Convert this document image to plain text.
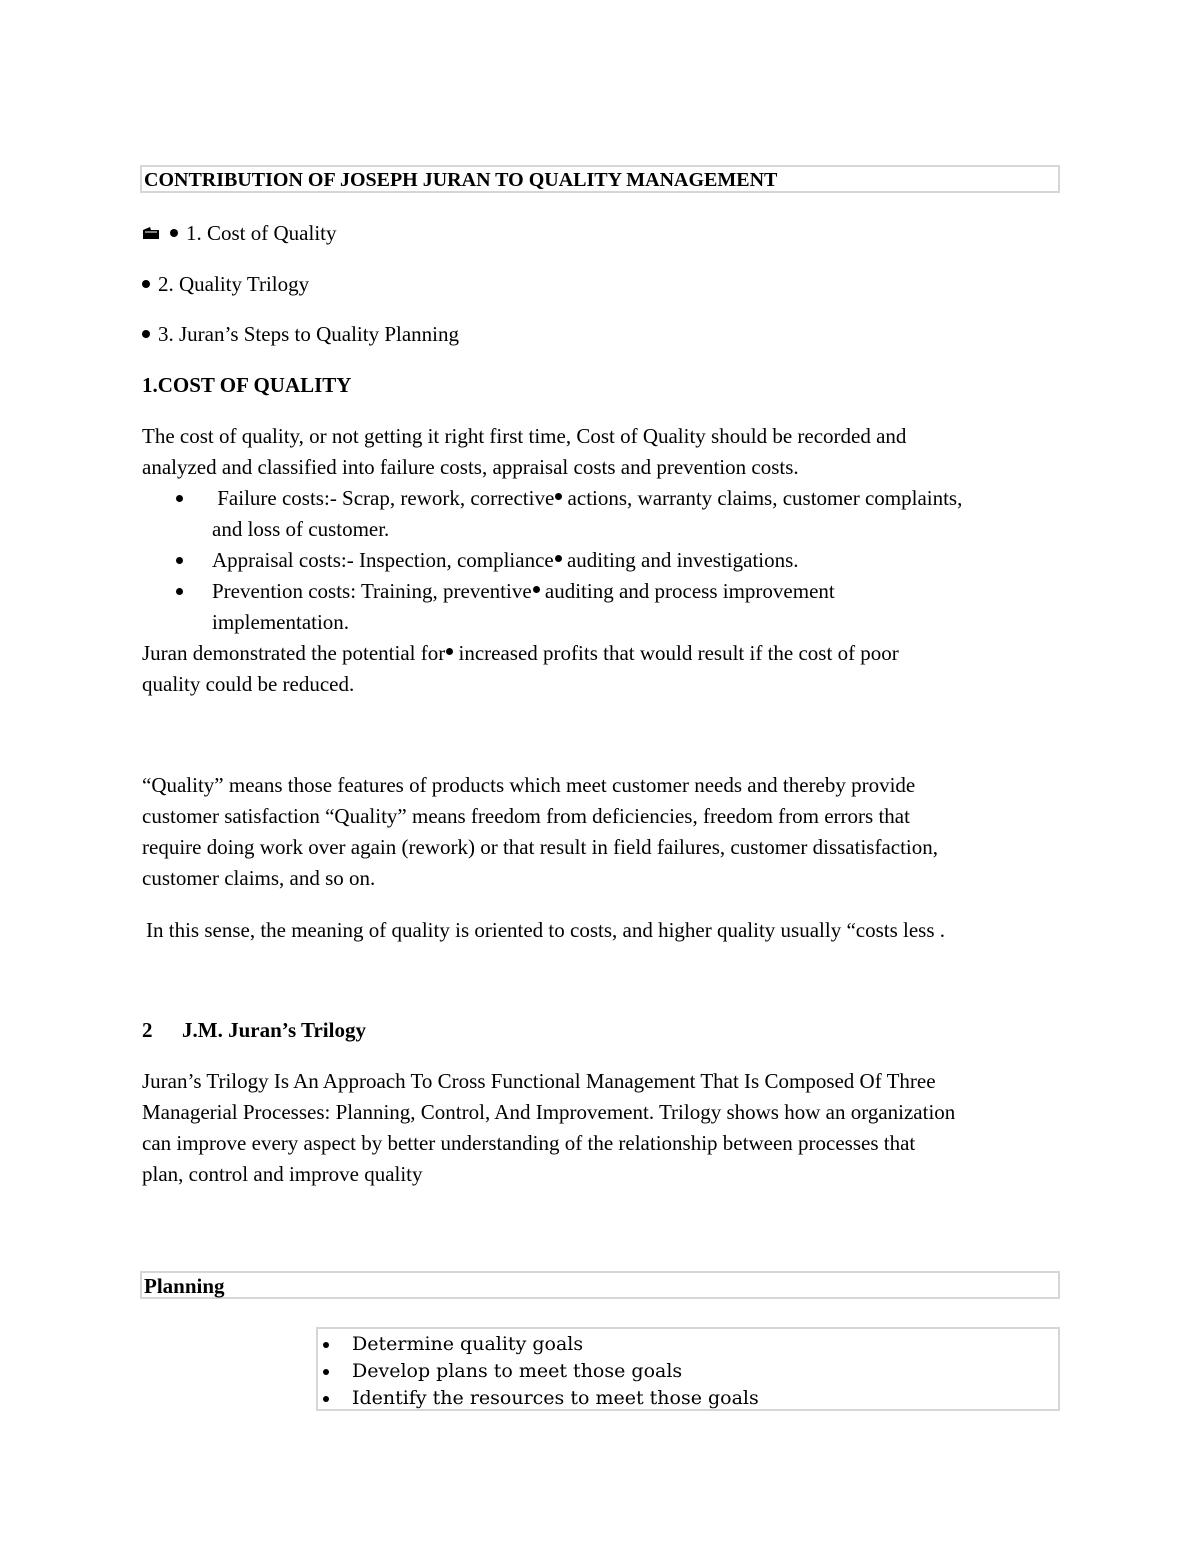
CONTRIBUTION OF JOSEPH JURAN TO QUALITY MANAGEMENT
1. Cost of Quality
2. Quality Trilogy
3. Juran’s Steps to Quality Planning
1.COST OF QUALITY
The cost of quality, or not getting it right first time, Cost of Quality should be recorded and
analyzed and classified into failure costs, appraisal costs and prevention costs.
Failure costs:- Scrap, rework, corrective actions, warranty claims, customer complaints,
and loss of customer.
Appraisal costs:- Inspection, compliance auditing and investigations.
Prevention costs: Training, preventive auditing and process improvement
implementation.
Juran demonstrated the potential for increased profits that would result if the cost of poor
quality could be reduced.
“Quality” means those features of products which meet customer needs and thereby provide
customer satisfaction “Quality” means freedom from deficiencies, freedom from errors that
require doing work over again (rework) or that result in field failures, customer dissatisfaction,
customer claims, and so on.
In this sense, the meaning of quality is oriented to costs, and higher quality usually “costs less .
2 J.M. Juran’s Trilogy
Juran’s Trilogy Is An Approach To Cross Functional Management That Is Composed Of Three
Managerial Processes: Planning, Control, And Improvement. Trilogy shows how an organization
can improve every aspect by better understanding of the relationship between processes that
plan, control and improve quality
Planning
Determine quality goals
Develop plans to meet those goals
Identify the resources to meet those goals
